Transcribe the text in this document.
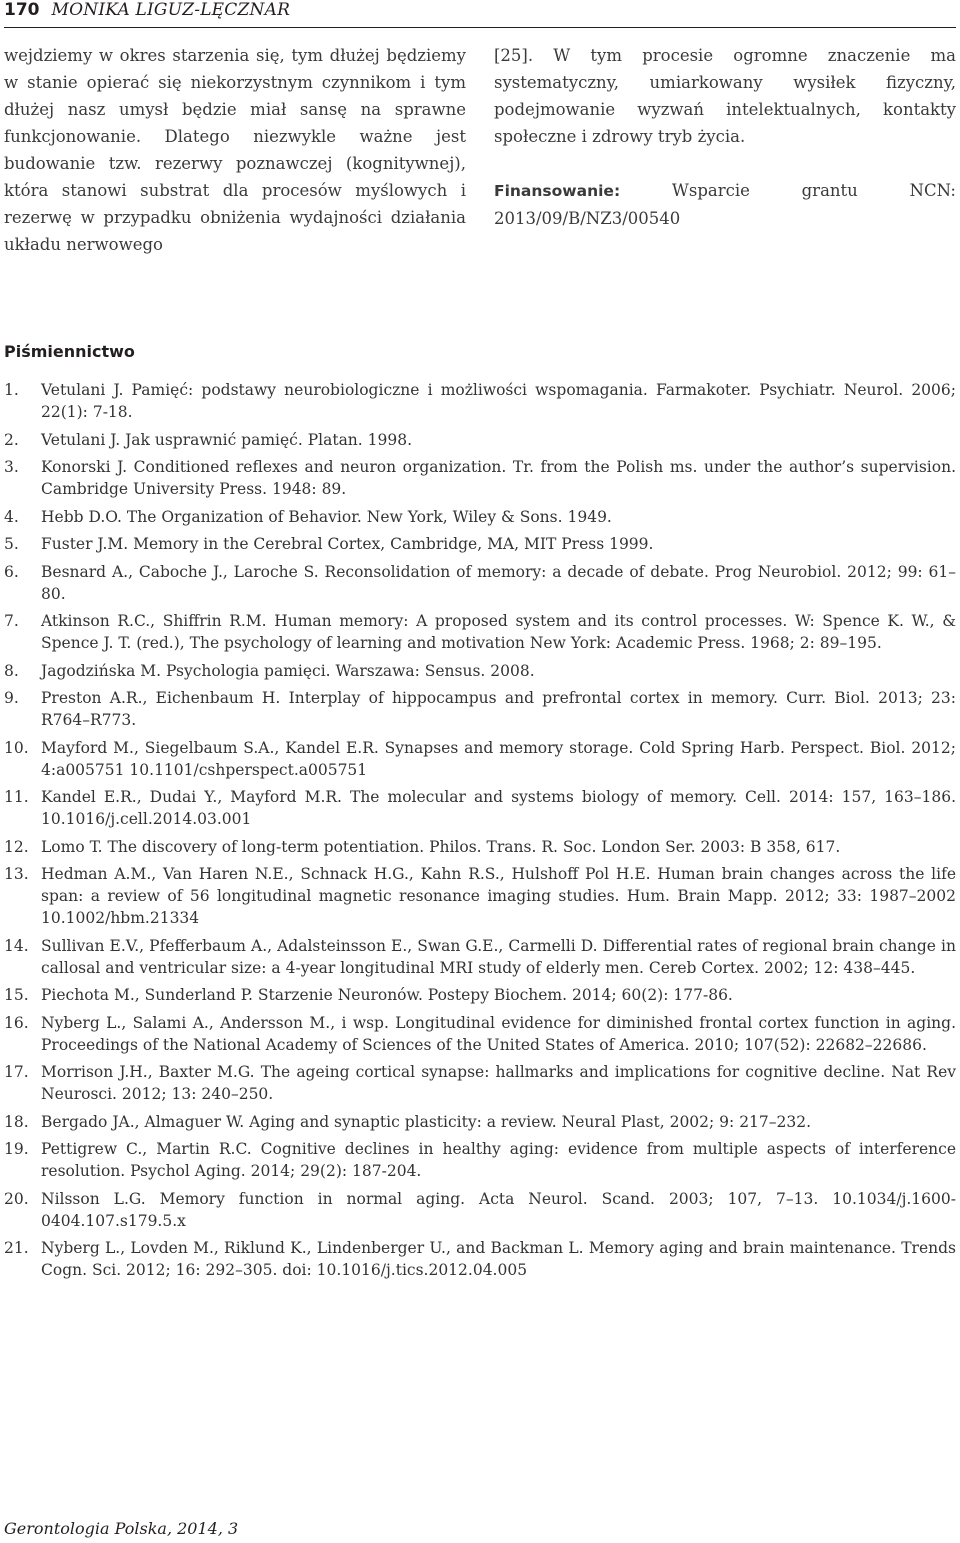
170 MONIKA LIGUZ-LĘCZNAR

wejdziemy w okres starzenia się, tym dłużej będziemy w stanie opierać się niekorzystnym czynnikom i tym dłużej nasz umysł będzie miał sansę na sprawne funkcjonowanie. Dlatego niezwykle ważne jest budowanie tzw. rezerwy poznawczej (kognitywnej), która stanowi substrat dla procesów myślowych i rezerwę w przypadku obniżenia wydajności działania układu nerwowego

[25]. W tym procesie ogromne znaczenie ma systematyczny, umiarkowany wysiłek fizyczny, podejmowanie wyzwań intelektualnych, kontakty społeczne i zdrowy tryb życia.

Finansowanie:	Wsparcie grantu NCN: 2013/09/B/NZ3/00540

Piśmiennictwo
1.	Vetulani J. Pamięć: podstawy neurobiologiczne i możliwości wspomagania. Farmakoter. Psychiatr. Neurol. 2006; 22(1): 7-18.
2.	Vetulani J. Jak usprawnić pamięć. Platan. 1998.
3.	Konorski J. Conditioned reflexes and neuron organization. Tr. from the Polish ms. under the author’s supervision. Cambridge University Press. 1948: 89.
4.	Hebb D.O. The Organization of Behavior. New York, Wiley & Sons. 1949.
5.	Fuster J.M. Memory in the Cerebral Cortex, Cambridge, MA, MIT Press 1999.
6.	Besnard A., Caboche J., Laroche S. Reconsolidation of memory: a decade of debate. Prog Neurobiol. 2012; 99: 61–80.
7.	Atkinson R.C., Shiffrin R.M. Human memory: A proposed system and its control processes. W: Spence K. W., & Spence J. T. (red.), The psychology of learning and motivation New York: Academic Press. 1968; 2: 89–195.
8.	Jagodzińska M. Psychologia pamięci. Warszawa: Sensus. 2008.
9.	Preston A.R., Eichenbaum H. Interplay of hippocampus and prefrontal cortex in memory. Curr. Biol. 2013; 23: R764–R773.
10. Mayford M., Siegelbaum S.A., Kandel E.R. Synapses and memory storage. Cold Spring Harb. Perspect. Biol. 2012; 4:a005751 10.1101/cshperspect.a005751
11. Kandel E.R., Dudai Y., Mayford M.R. The molecular and systems biology of memory. Cell. 2014: 157, 163–186. 10.1016/j.cell.2014.03.001
12. Lomo T. The discovery of long-term potentiation. Philos. Trans. R. Soc. London Ser. 2003: B 358, 617.
13. Hedman A.M., Van Haren N.E., Schnack H.G., Kahn R.S., Hulshoff Pol H.E. Human brain changes across the life span: a review of 56 longitudinal magnetic resonance imaging studies. Hum. Brain Mapp. 2012; 33: 1987–2002 10.1002/hbm.21334
14. Sullivan E.V., Pfefferbaum A., Adalsteinsson E., Swan G.E., Carmelli D. Differential rates of regional brain change in callosal and ventricular size: a 4-year longitudinal MRI study of elderly men. Cereb Cortex. 2002; 12: 438–445.
15. Piechota M., Sunderland P. Starzenie Neuronów. Postepy Biochem. 2014; 60(2): 177-86.
16. Nyberg L., Salami A., Andersson M., i wsp. Longitudinal evidence for diminished frontal cortex function in aging. Proceedings of the National Academy of Sciences of the United States of America. 2010; 107(52): 22682–22686.
17. Morrison J.H., Baxter M.G. The ageing cortical synapse: hallmarks and implications for cognitive decline. Nat Rev Neurosci. 2012; 13: 240–250.
18. Bergado JA., Almaguer W. Aging and synaptic plasticity: a review. Neural Plast, 2002; 9: 217–232.
19. Pettigrew C., Martin R.C. Cognitive declines in healthy aging: evidence from multiple aspects of interference resolution. Psychol Aging. 2014; 29(2): 187-204.
20. Nilsson L.G. Memory function in normal aging. Acta Neurol. Scand. 2003; 107, 7–13. 10.1034/j.1600-0404.107.s179.5.x
21. Nyberg L., Lovden M., Riklund K., Lindenberger U., and Backman L. Memory aging and brain maintenance. Trends Cogn. Sci. 2012; 16: 292–305. doi: 10.1016/j.tics.2012.04.005
Gerontologia Polska, 2014, 3
